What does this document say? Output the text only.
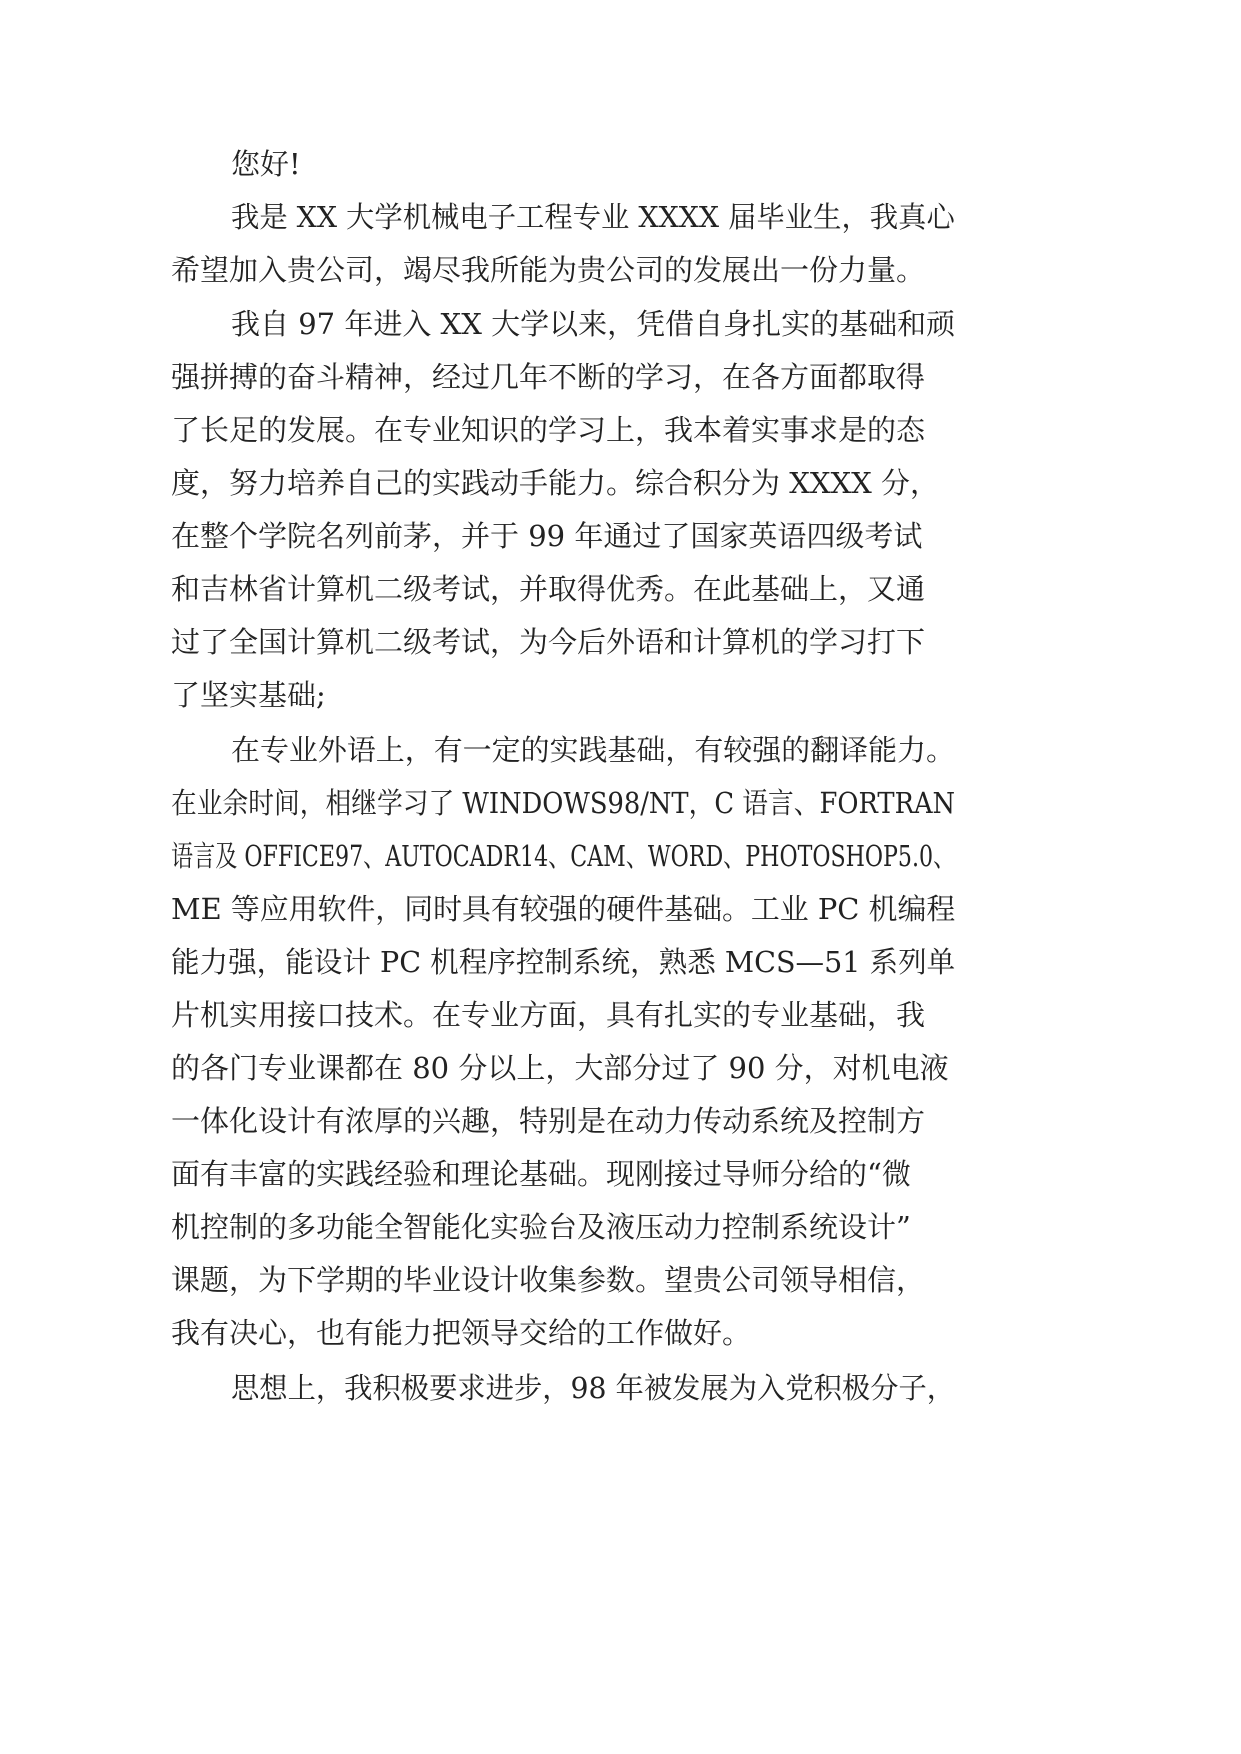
您好!

我是 XX 大学机械电子工程专业 XXXX 届毕业生，我真心

希望加入贵公司，竭尽我所能为贵公司的发展出一份力量。

我自 97 年进入 XX 大学以来，凭借自身扎实的基础和顽

强拼搏的奋斗精神，经过几年不断的学习，在各方面都取得

了长足的发展。在专业知识的学习上，我本着实事求是的态

度，努力培养自己的实践动手能力。综合积分为 XXXX 分，

在整个学院名列前茅，并于 99 年通过了国家英语四级考试

和吉林省计算机二级考试，并取得优秀。在此基础上，又通

过了全国计算机二级考试，为今后外语和计算机的学习打下

了坚实基础;

在专业外语上，有一定的实践基础，有较强的翻译能力。

在业余时间，相继学习了 WINDOWS98/NT，C 语言、FORTRAN

语言及 OFFICE97、AUTOCADR14、CAM、WORD、PHOTOSHOP5.0、

ME 等应用软件，同时具有较强的硬件基础。工业 PC 机编程

能力强，能设计 PC 机程序控制系统，熟悉 MCS—51 系列单

片机实用接口技术。在专业方面，具有扎实的专业基础，我

的各门专业课都在 80 分以上，大部分过了 90 分，对机电液

一体化设计有浓厚的兴趣，特别是在动力传动系统及控制方

面有丰富的实践经验和理论基础。现刚接过导师分给的“微

机控制的多功能全智能化实验台及液压动力控制系统设计”

课题，为下学期的毕业设计收集参数。望贵公司领导相信，

我有决心，也有能力把领导交给的工作做好。

思想上，我积极要求进步，98 年被发展为入党积极分子，
